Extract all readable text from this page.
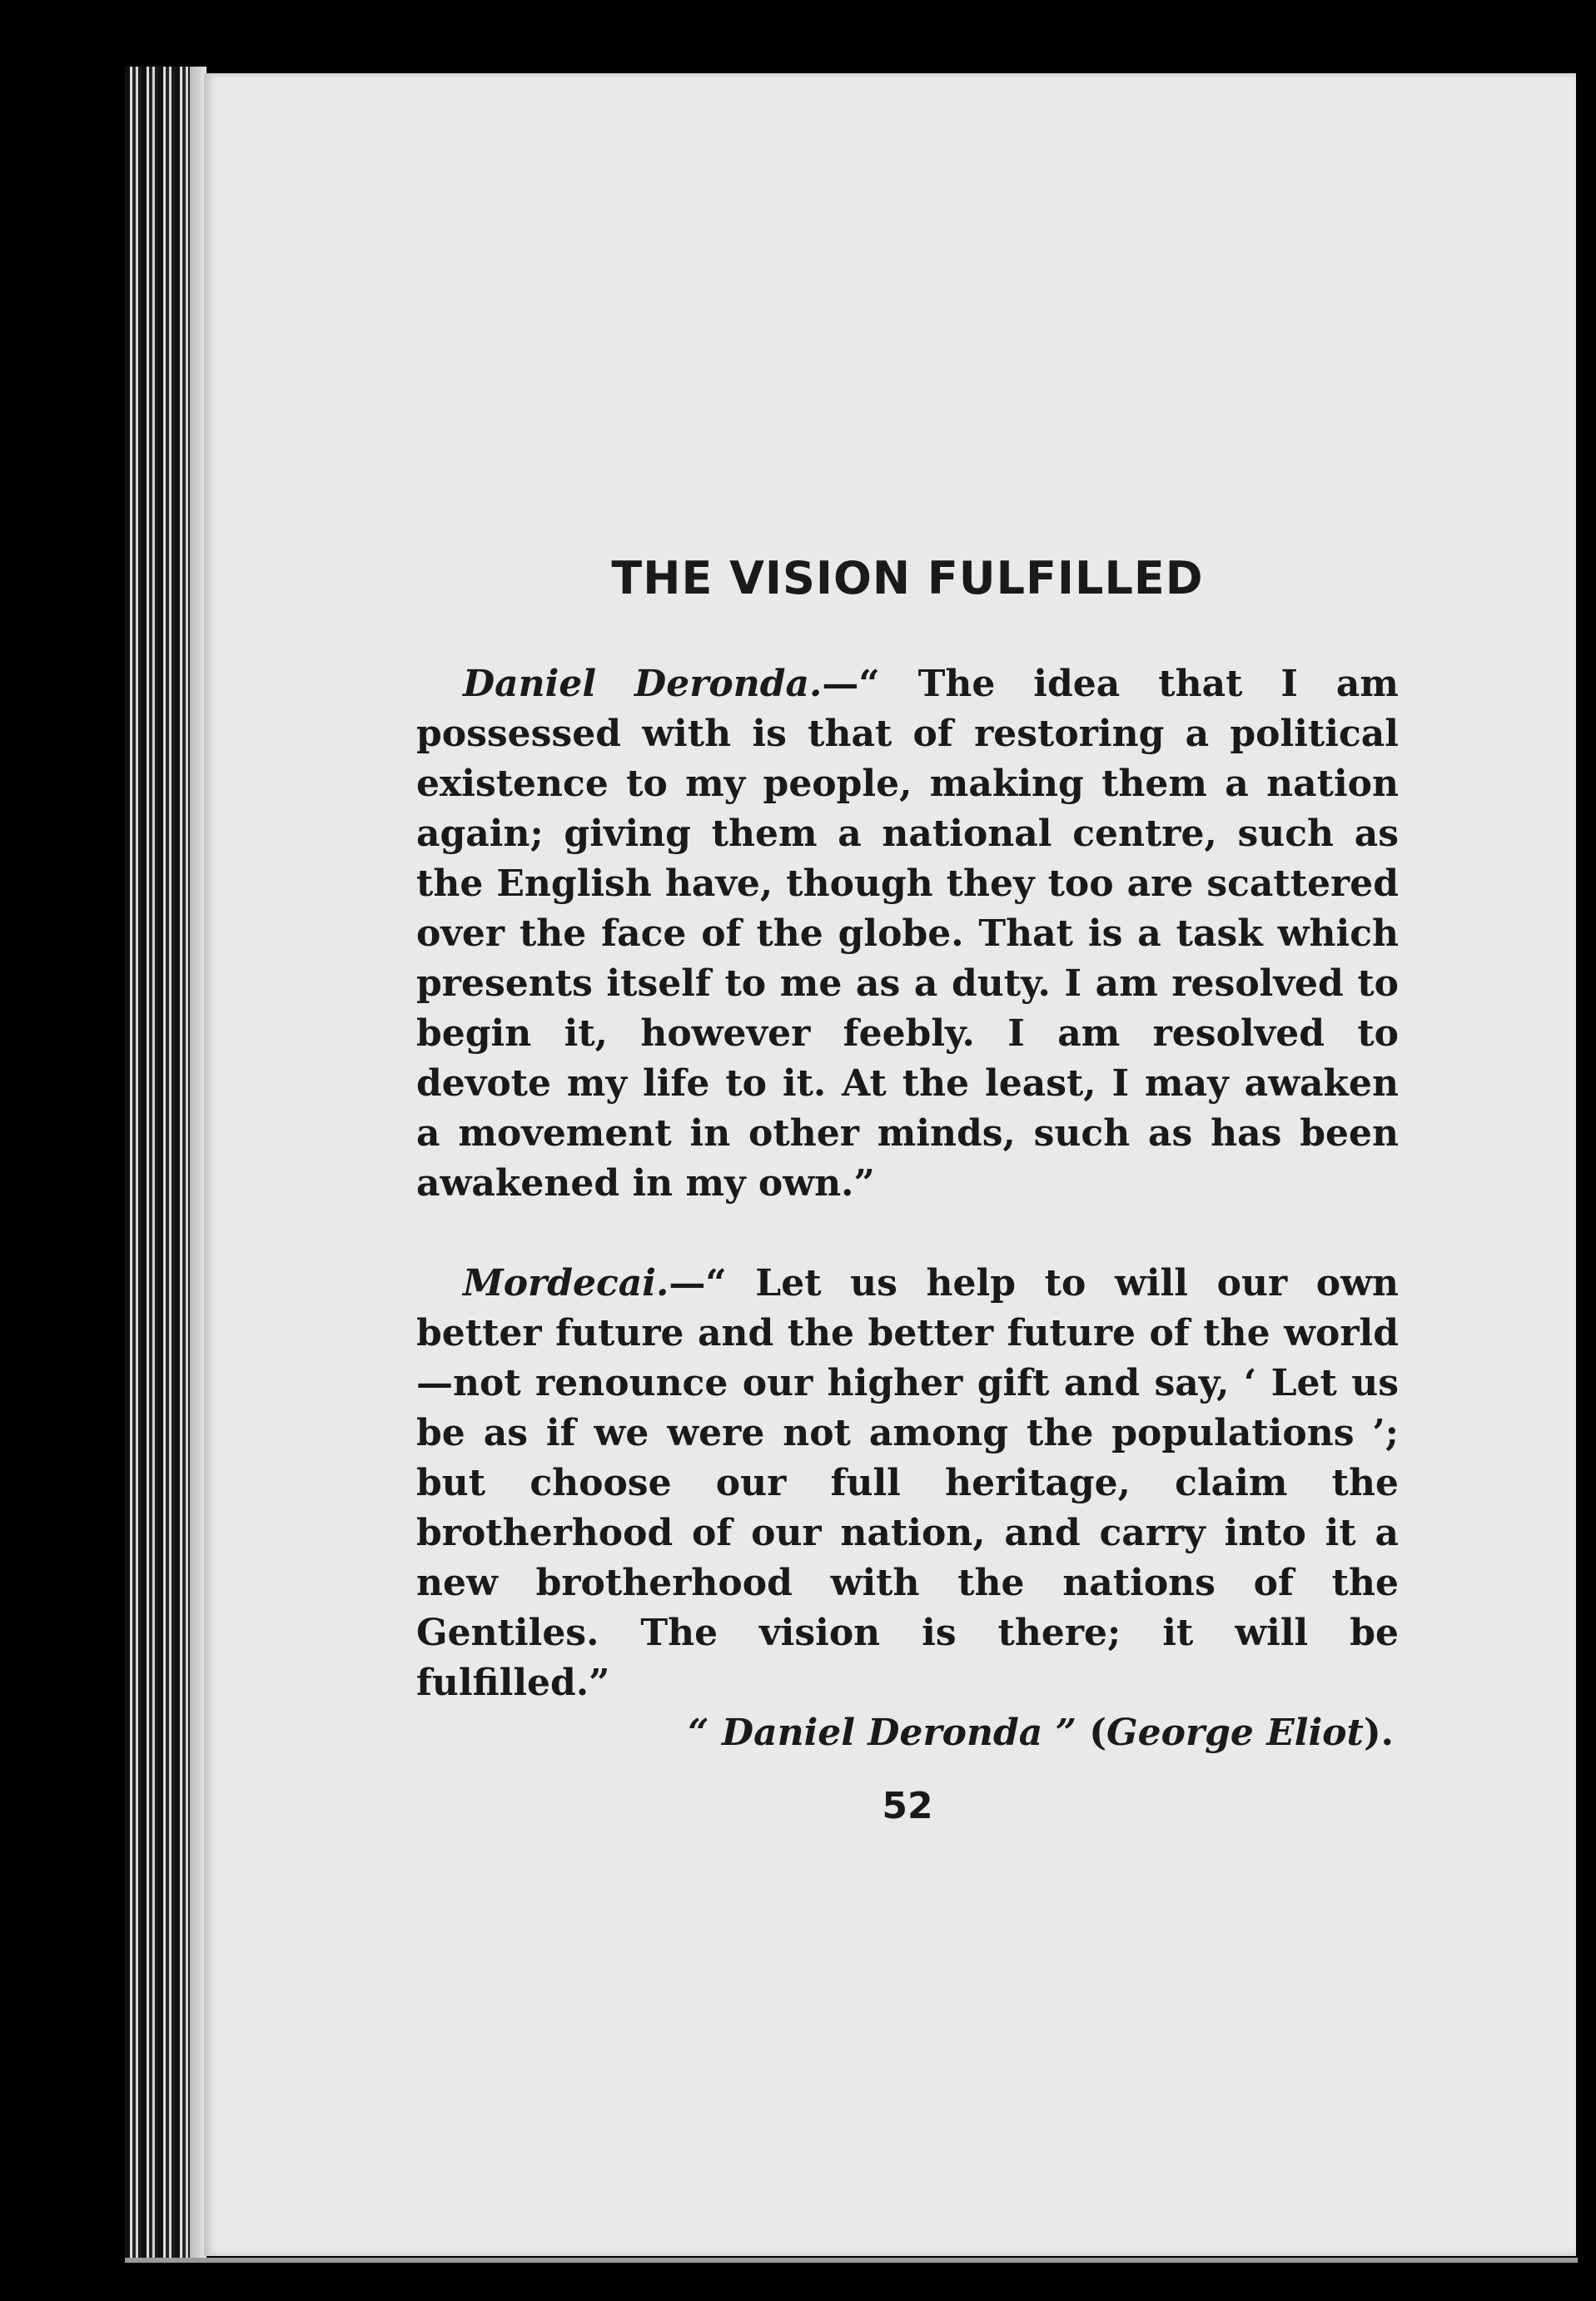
THE VISION FULFILLED

Daniel Deronda.—“ The idea that I am possessed with is that of restoring a political existence to my people, making them a nation again; giving them a national centre, such as the English have, though they too are scattered over the face of the globe. That is a task which presents itself to me as a duty. I am resolved to begin it, however feebly. I am resolved to devote my life to it. At the least, I may awaken a movement in other minds, such as has been awakened in my own.”

Mordecai.—“ Let us help to will our own better future and the better future of the world—not renounce our higher gift and say, ‘ Let us be as if we were not among the populations ’; but choose our full heritage, claim the brotherhood of our nation, and carry into it a new brotherhood with the nations of the Gentiles. The vision is there; it will be fulfilled.”

“ Daniel Deronda ” (George Eliot).

52
